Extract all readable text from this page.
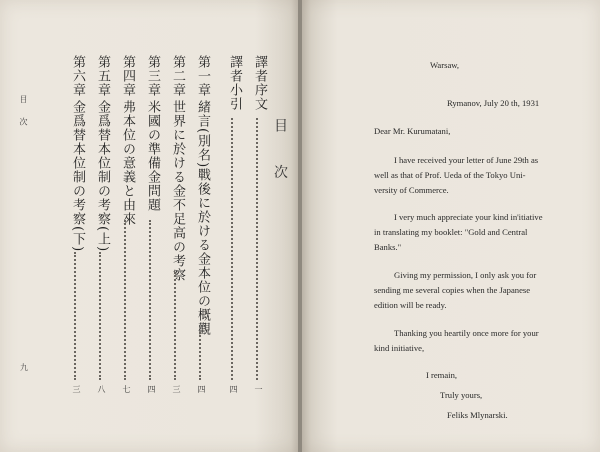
目 次
譯者序文
一
譯者小引
四
第一章
緒言(別名)戰後に於ける金本位の概觀
四
第二章
世界に於ける金不足高の考察
三
第三章
米國の準備金問題
四
第四章
弗本位の意義と由來
七
第五章
金爲替本位制の考察(上)
八
第六章
金爲替本位制の考察(下)
三
目 次
九
Warsaw,
Rymanov, July 20 th, 1931
Dear Mr. Kurumatani,
I have received your letter of June 29th as
well as that of Prof. Ueda of the Tokyo Uni-
versity of Commerce.
I very much appreciate your kind in'itiative
in translating my booklet: "Gold and Central
Banks."
Giving my permission, I only ask you for
sending me several copies when the Japanese
edition will be ready.
Thanking you heartily once more for your
kind initiative,
I remain,
Truly yours,
Feliks Mlynarski.
